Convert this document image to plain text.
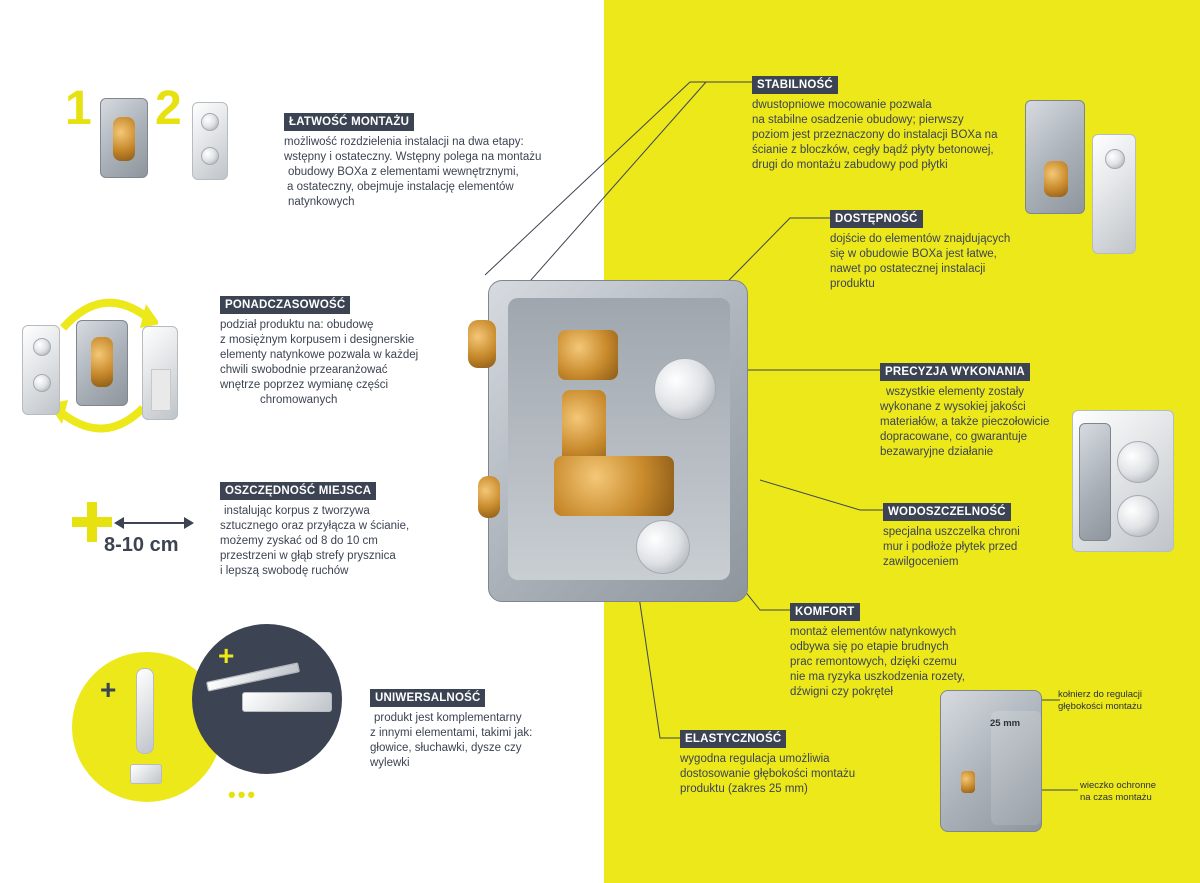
1 2	ŁATWOŚĆ MONTAŻU
możliwość rozdzielenia instalacji na dwa etapy:
wstępny i ostateczny. Wstępny polega na montażu
obudowy BOXa z elementami wewnętrznymi,
a ostateczny, obejmuje instalację elementów
natynkowych
PONADCZASOWOŚĆ
podział produktu na: obudowę
z mosiężnym korpusem i designerskie
elementy natynkowe pozwala w każdej
chwili swobodnie przearanżować
wnętrze poprzez wymianę części
chromowanych
8-10 cm
OSZCZĘDNOŚĆ MIEJSCA
instalując korpus z tworzywa
sztucznego oraz przyłącza w ścianie,
możemy zyskać od 8 do 10 cm
przestrzeni w głąb strefy prysznica
i lepszą swobodę ruchów
+
+
•••
UNIWERSALNOŚĆ
produkt jest komplementarny
z innymi elementami, takimi jak:
głowice, słuchawki, dysze czy
wylewki
STABILNOŚĆ
dwustopniowe mocowanie pozwala
na stabilne osadzenie obudowy; pierwszy
poziom jest przeznaczony do instalacji BOXa na
ścianie z bloczków, cegły bądź płyty betonowej,
drugi do montażu zabudowy pod płytki
DOSTĘPNOŚĆ
dojście do elementów znajdujących
się w obudowie BOXa jest łatwe,
nawet po ostatecznej instalacji
produktu
PRECYZJA WYKONANIA
wszystkie elementy zostały
wykonane z wysokiej jakości
materiałów, a także pieczołowicie
dopracowane, co gwarantuje
bezawaryjne działanie
WODOSZCZELNOŚĆ
specjalna uszczelka chroni
mur i podłoże płytek przed
zawilgoceniem
KOMFORT
montaż elementów natynkowych
odbywa się po etapie brudnych
prac remontowych, dzięki czemu
nie ma ryzyka uszkodzenia rozety,
dźwigni czy pokręteł
ELASTYCZNOŚĆ
wygodna regulacja umożliwia
dostosowanie głębokości montażu
produktu (zakres 25 mm)
25 mm
kołnierz do regulacji
głębokości montażu
wieczko ochronne
na czas montażu
